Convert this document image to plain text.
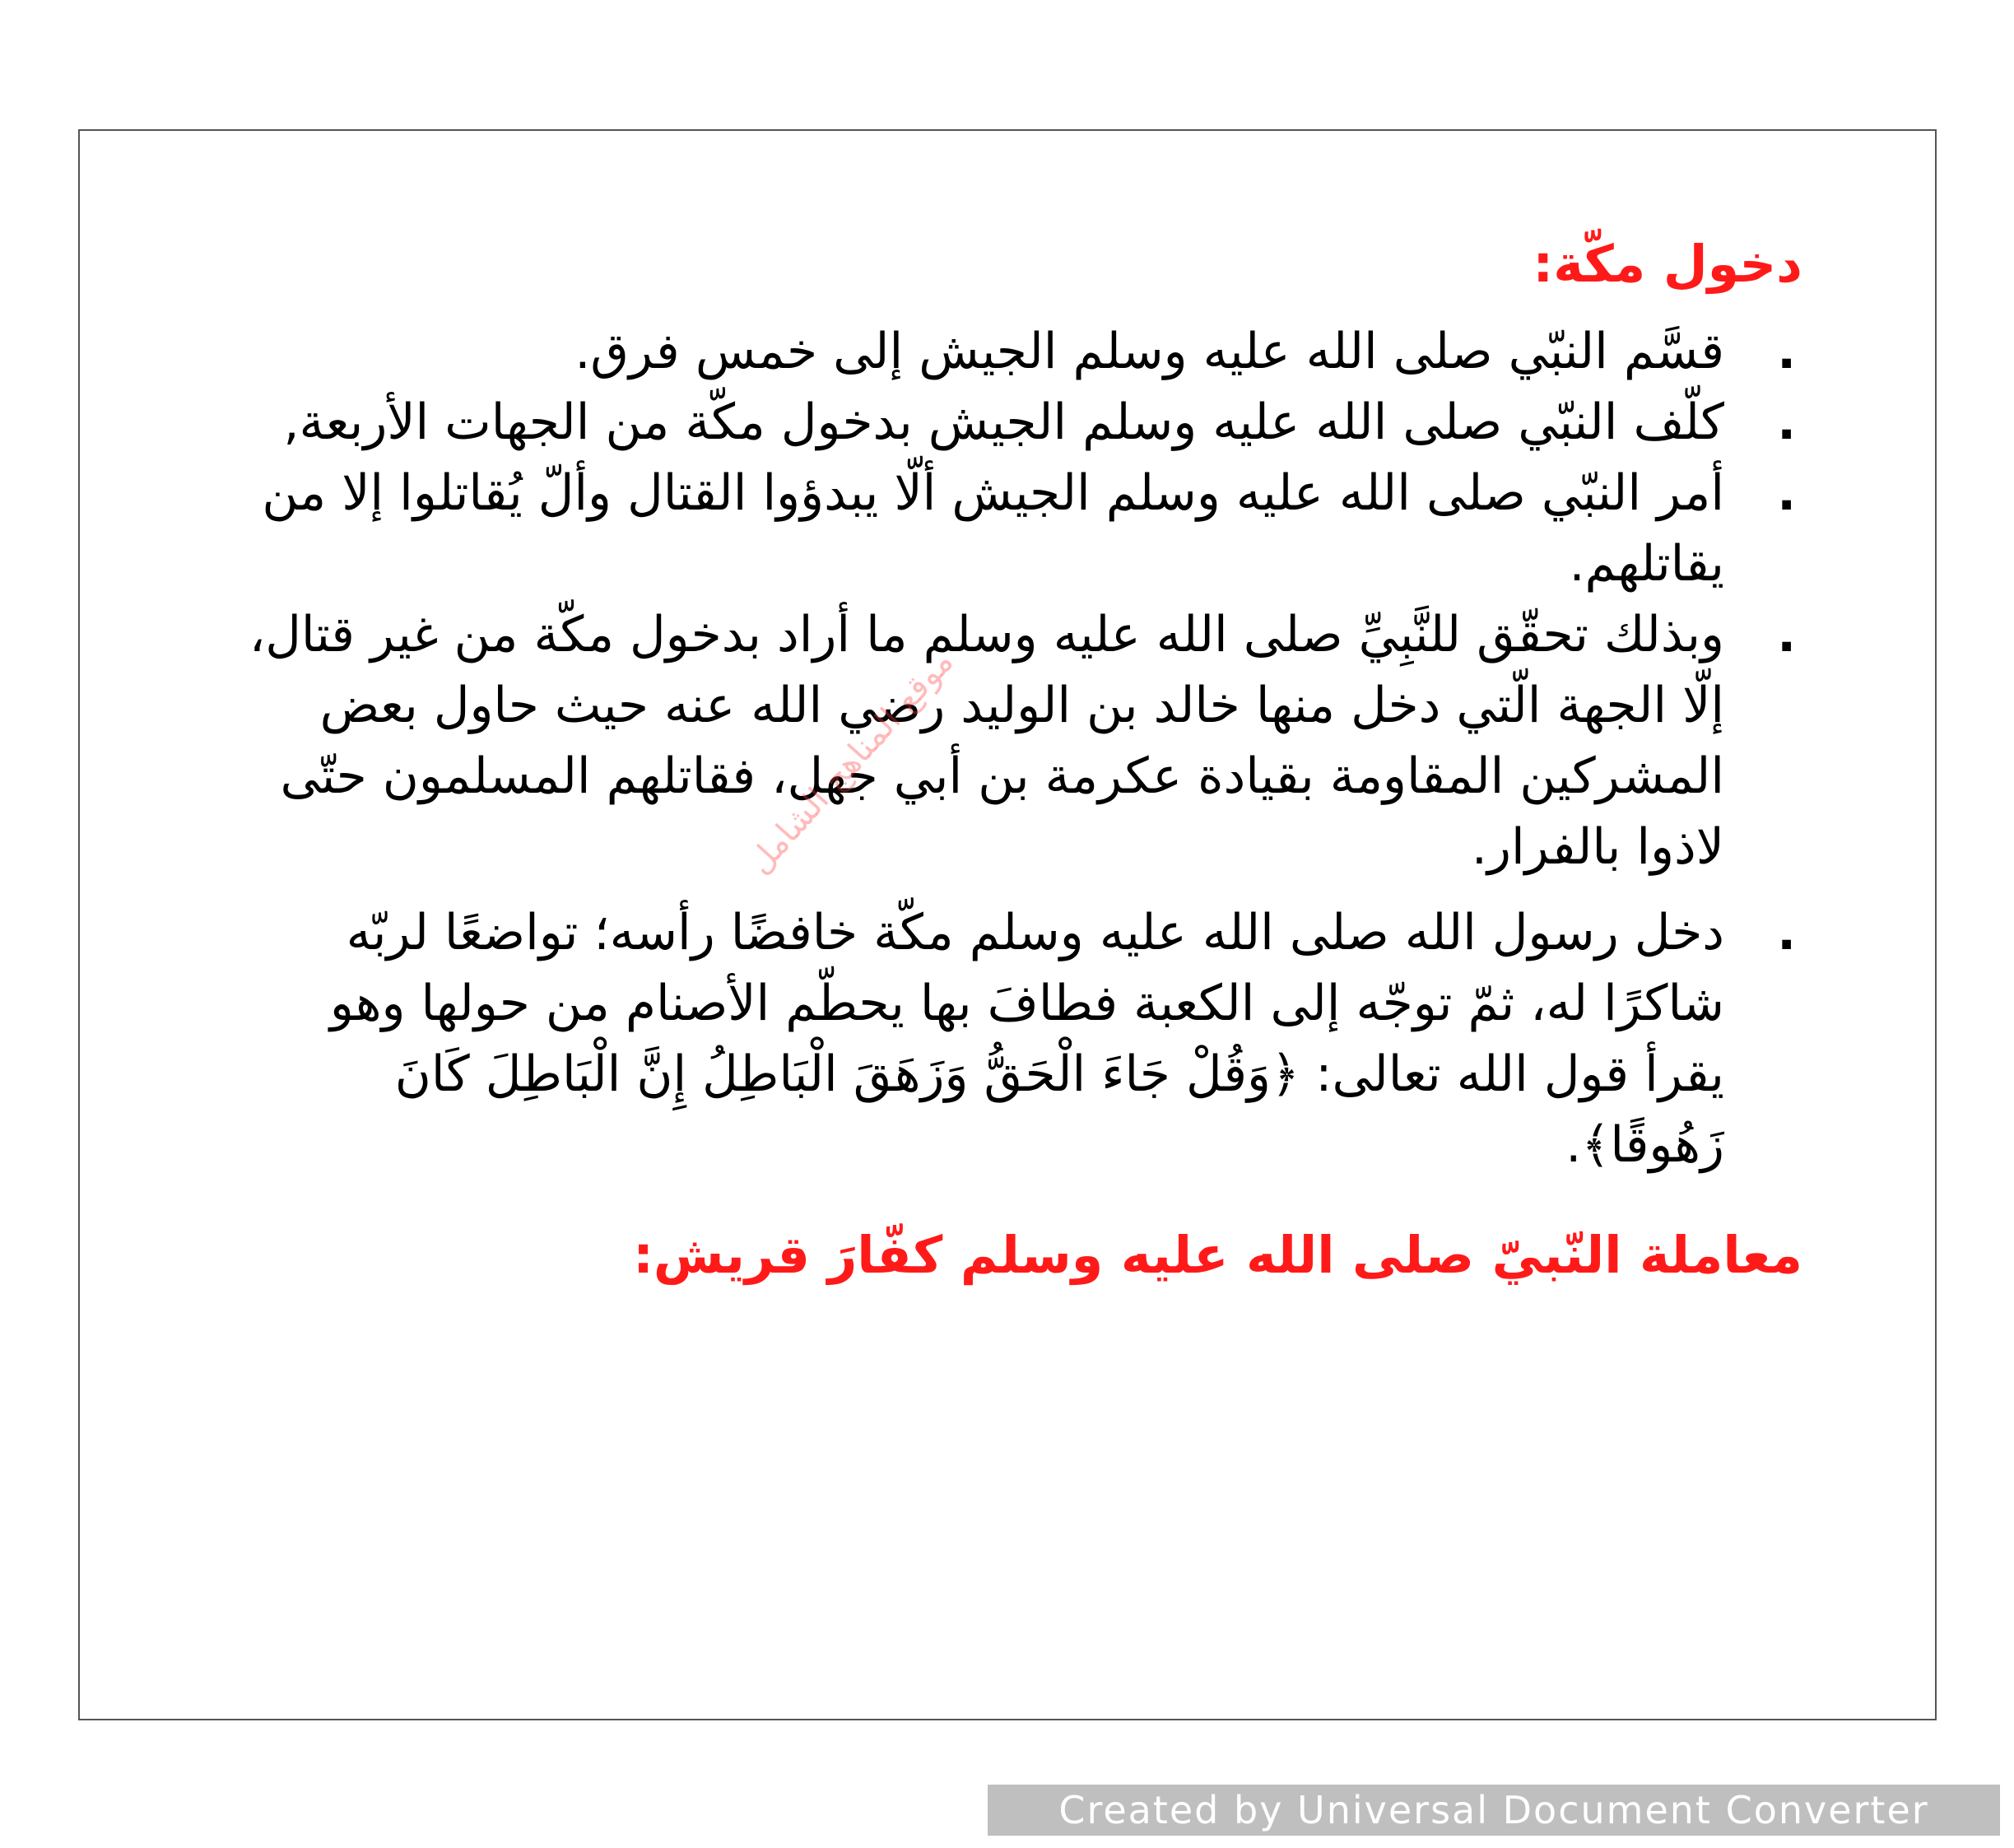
دخول مكّة:
.
قسَّم النبّي صلى الله عليه وسلم الجيش إلى خمس فرق.
.
كلّف النبّي صلى الله عليه وسلم الجيش بدخول مكّة من الجهات الأربعة,
.
أمر النبّي صلى الله عليه وسلم الجيش ألّا يبدؤوا القتال وألّ يُقاتلوا إلا من يقاتلهم.
.
وبذلك تحقّق للنَّبِيِّ صلى الله عليه وسلم ما أراد بدخول مكّة من غير قتال، إلّا الجهة الّتي دخل منها خالد بن الوليد رضي الله عنه حيث حاول بعض المشركين المقاومة بقيادة عكرمة بن أبي جهل، فقاتلهم المسلمون حتّى لاذوا بالفرار.
.
دخل رسول الله صلى الله عليه وسلم مكّة خافضًا رأسه؛ تواضعًا لربّه شاكرًا له، ثمّ توجّه إلى الكعبة فطافَ بها يحطّم الأصنام من حولها وهو يقرأ قول الله تعالى: ﴿وَقُلْ جَاءَ الْحَقُّ وَزَهَقَ الْبَاطِلُ إِنَّ الْبَاطِلَ كَانَ زَهُوقًا﴾.
معاملة النّبيّ صلى الله عليه وسلم كفّارَ قريش:
موقع المناهج الشامل
Created by Universal Document Converter
